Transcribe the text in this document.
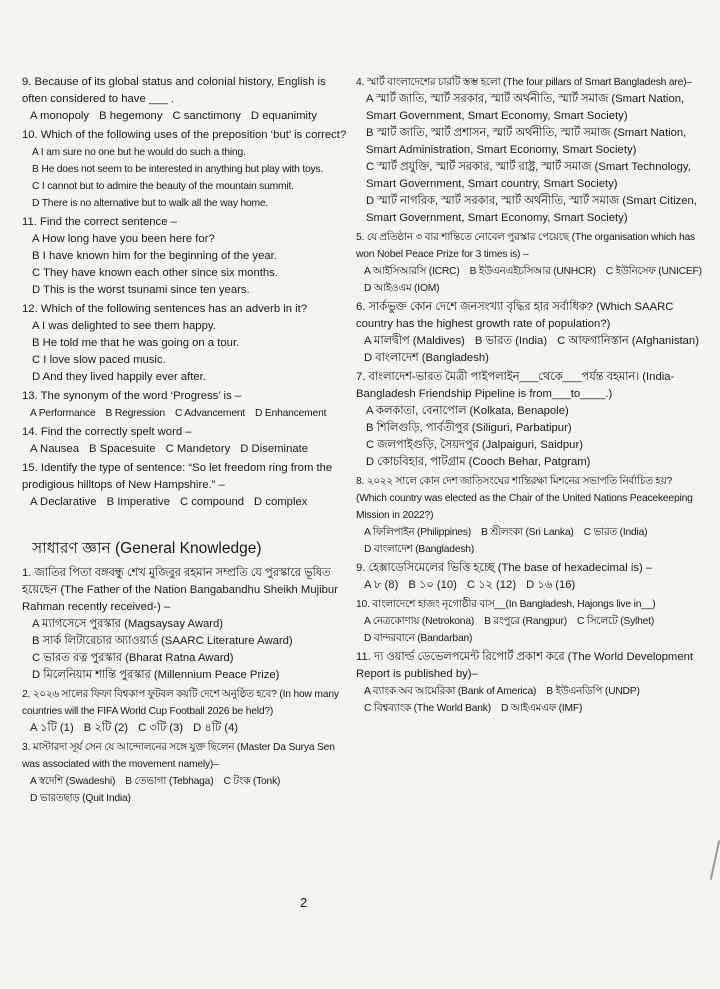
9. Because of its global status and colonial history, English is often considered to have ___ .

A monopoly B hegemony C sanctimony D equanimity

10. Which of the following uses of the preposition ‘but’ is correct?

A I am sure no one but he would do such a thing.

B He does not seem to be interested in anything but play with toys.

C I cannot but to admire the beauty of the mountain summit.

D There is no alternative but to walk all the way home.

11. Find the correct sentence –

A How long have you been here for?

B I have known him for the beginning of the year.

C They have known each other since six months.

D This is the worst tsunami since ten years.

12. Which of the following sentences has an adverb in it?

A I was delighted to see them happy.

B He told me that he was going on a tour.

C I love slow paced music.

D And they lived happily ever after.

13. The synonym of the word ‘Progress’ is –

A Performance B Regression C Advancement D Enhancement

14. Find the correctly spelt word –

A Nausea B Spacesuite C Mandetory D Diseminate

15. Identify the type of sentence: “So let freedom ring from the prodigious hilltops of New Hampshire.” –

A Declarative B Imperative C compound D complex
সাধারণ জ্ঞান (General Knowledge)

1. জাতির পিতা বঙ্গবন্ধু শেখ মুজিবুর রহমান সম্প্রতি যে পুরস্কারে ভূষিত হয়েছেন (The Father of the Nation Bangabandhu Sheikh Mujibur Rahman recently received-) –

A ম্যাগসেসে পুরস্কার (Magsaysay Award)

B সার্ক লিটারেচার অ্যাওয়ার্ড (SAARC Literature Award)

C ভারত রত্ন পুরস্কার (Bharat Ratna Award)

D মিলেনিয়াম শান্তি পুরস্কার (Millennium Peace Prize)

2. ২০২৬ সালের ফিফা বিশ্বকাপ ফুটবল কয়টি দেশে অনুষ্ঠিত হবে? (In how many countries will the FIFA World Cup Football 2026 be held?)

A ১টি (1) B ২টি (2) C ৩টি (3) D ৪টি (4)

3. মাস্টারদা সূর্য সেন যে আন্দোলনের সঙ্গে যুক্ত ছিলেন (Master Da Surya Sen was associated with the movement namely)–

A স্বদেশি (Swadeshi) B তেভাগা (Tebhaga) C টংক (Tonk)
D ভারতছাড় (Quit India)

4. স্মার্ট বাংলাদেশের চারটি স্তম্ভ হলো (The four pillars of Smart Bangladesh are)–

A স্মার্ট জাতি, স্মার্ট সরকার, স্মার্ট অর্থনীতি, স্মার্ট সমাজ (Smart Nation, Smart Government, Smart Economy, Smart Society)

B স্মার্ট জাতি, স্মার্ট প্রশাসন, স্মার্ট অর্থনীতি, স্মার্ট সমাজ (Smart Nation, Smart Administration, Smart Economy, Smart Society)

C স্মার্ট প্রযুক্তি, স্মার্ট সরকার, স্মার্ট রাষ্ট্র, স্মার্ট সমাজ (Smart Technology, Smart Government, Smart country, Smart Society)

D স্মার্ট নাগরিক, স্মার্ট সরকার, স্মার্ট অর্থনীতি, স্মার্ট সমাজ (Smart Citizen, Smart Government, Smart Economy, Smart Society)

5. যে প্রতিষ্ঠান ৩ বার শান্তিতে নোবেল পুরস্কার পেয়েছে (The organisation which has won Nobel Peace Prize for 3 times is) –

A আইসিআরসি (ICRC) B ইউএনএইচসিআর (UNHCR) C ইউনিসেফ (UNICEF)
D আইওএম (IOM)

6. সার্কভুক্ত কোন দেশে জনসংখ্যা বৃদ্ধির হার সর্বাধিক? (Which SAARC country has the highest growth rate of population?)

A মালদ্বীপ (Maldives) B ভারত (India) C আফগানিস্তান (Afghanistan)
D বাংলাদেশ (Bangladesh)

7. বাংলাদেশ-ভারত মৈত্রী পাইপলাইন___থেকে___পর্যন্ত বহমান। (India-Bangladesh Friendship Pipeline is from___to____.)

A কলকাতা, বেনাপোল (Kolkata, Benapole)

B শিলিগুড়ি, পার্বতীপুর (Siliguri, Parbatipur)

C জলপাইগুড়ি, সৈয়দপুর (Jalpaiguri, Saidpur)

D কোচবিহার, পাটগ্রাম (Cooch Behar, Patgram)

8. ২০২২ সালে কোন দেশ জাতিসংঘের শান্তিরক্ষা মিশনের সভাপতি নির্বাচিত হয়? (Which country was elected as the Chair of the United Nations Peacekeeping Mission in 2022?)

A ফিলিপাইন (Philippines) B শ্রীলংকা (Sri Lanka) C ভারত (India)
D বাংলাদেশ (Bangladesh)

9. হেক্সাডেসিমেলের ভিত্তি হচ্ছে (The base of hexadecimal is) –

A ৮ (8) B ১০ (10) C ১২ (12) D ১৬ (16)

10. বাংলাদেশে হাজং নৃগোষ্ঠীর বাস__(In Bangladesh, Hajongs live in__)

A নেত্রকোণায় (Netrokona) B রংপুরে (Rangpur) C সিলেটে (Sylhet)
D বান্দরবানে (Bandarban)

11. দ্য ওয়ার্ল্ড ডেভেলপমেন্ট রিপোর্ট প্রকাশ করে (The World Development Report is published by)–

A ব্যাংক অব আমেরিকা (Bank of America) B ইউএনডিপি (UNDP)
C বিশ্বব্যাংক (The World Bank) D আইএমএফ (IMF)
2
